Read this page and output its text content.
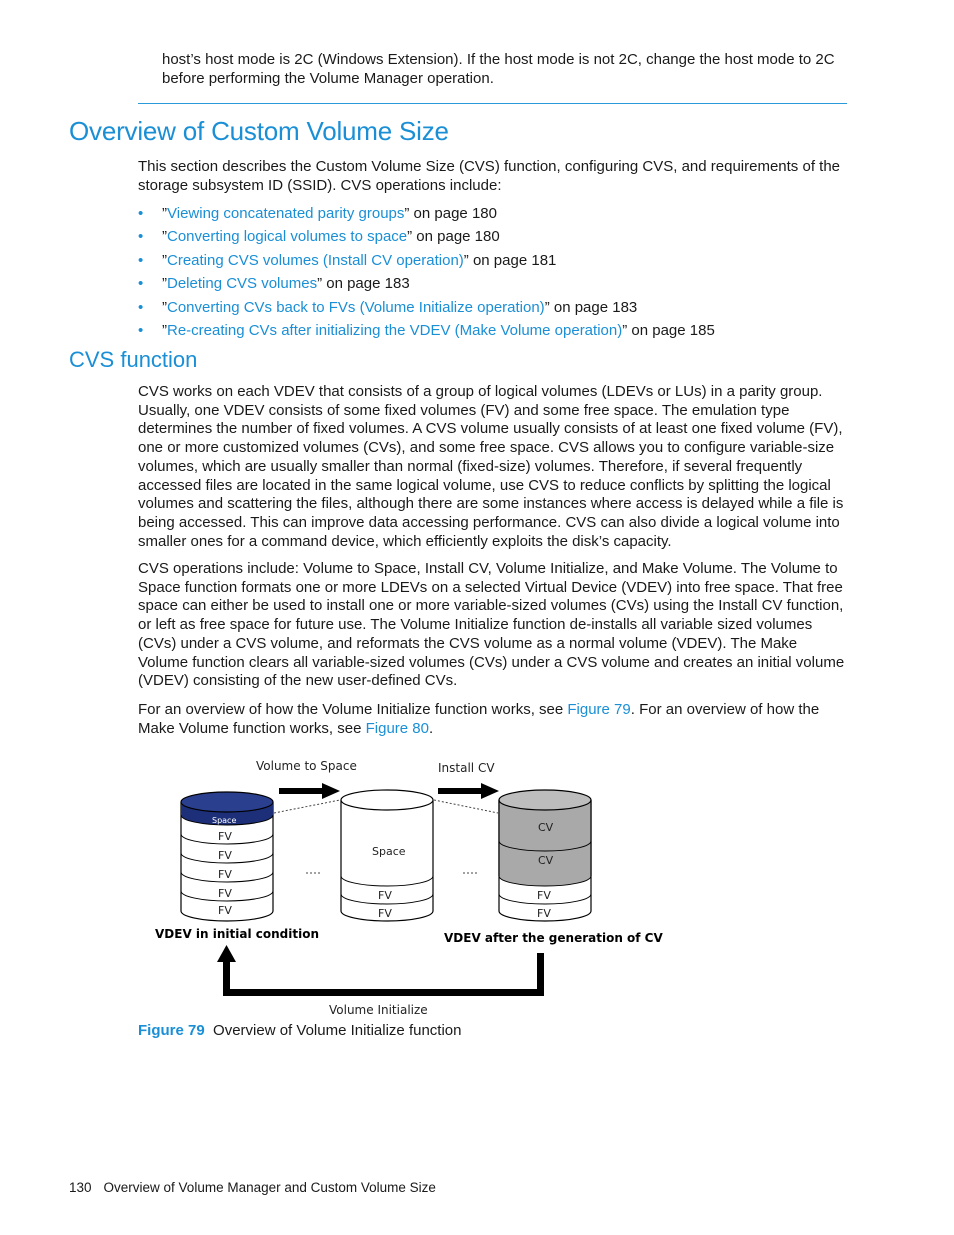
host’s host mode is 2C (Windows Extension). If the host mode is not 2C, change the host mode to 2C before performing the Volume Manager operation.
Overview of Custom Volume Size
This section describes the Custom Volume Size (CVS) function, configuring CVS, and requirements of the storage subsystem ID (SSID). CVS operations include:
• ”Viewing concatenated parity groups” on page 180
• ”Converting logical volumes to space” on page 180
• ”Creating CVS volumes (Install CV operation)” on page 181
• ”Deleting CVS volumes” on page 183
• ”Converting CVs back to FVs (Volume Initialize operation)” on page 183
• ”Re-creating CVs after initializing the VDEV (Make Volume operation)” on page 185
CVS function
CVS works on each VDEV that consists of a group of logical volumes (LDEVs or LUs) in a parity group. Usually, one VDEV consists of some fixed volumes (FV) and some free space. The emulation type determines the number of fixed volumes. A CVS volume usually consists of at least one fixed volume (FV), one or more customized volumes (CVs), and some free space. CVS allows you to configure variable-size volumes, which are usually smaller than normal (fixed-size) volumes. Therefore, if several frequently accessed files are located in the same logical volume, use CVS to reduce conflicts by splitting the logical volumes and scattering the files, although there are some instances where access is delayed while a file is being accessed. This can improve data accessing performance. CVS can also divide a logical volume into smaller ones for a command device, which efficiently exploits the disk’s capacity.
CVS operations include: Volume to Space, Install CV, Volume Initialize, and Make Volume. The Volume to Space function formats one or more LDEVs on a selected Virtual Device (VDEV) into free space. That free space can either be used to install one or more variable-sized volumes (CVs) using the Install CV function, or left as free space for future use. The Volume Initialize function de-installs all variable sized volumes (CVs) under a CVS volume, and reformats the CVS volume as a normal volume (VDEV). The Make Volume function clears all variable-sized volumes (CVs) under a CVS volume and creates an initial volume (VDEV) consisting of the new user-defined CVs.
For an overview of how the Volume Initialize function works, see Figure 79. For an overview of how the Make Volume function works, see Figure 80.
Volume to Space	Install CV
Space
FV
FV
FV
FV
FV
Space
FV
FV
CV
CV
FV
FV
VDEV in initial condition	VDEV after the generation of CV
Volume Initialize
Figure 79 Overview of Volume Initialize function
130 Overview of Volume Manager and Custom Volume Size
